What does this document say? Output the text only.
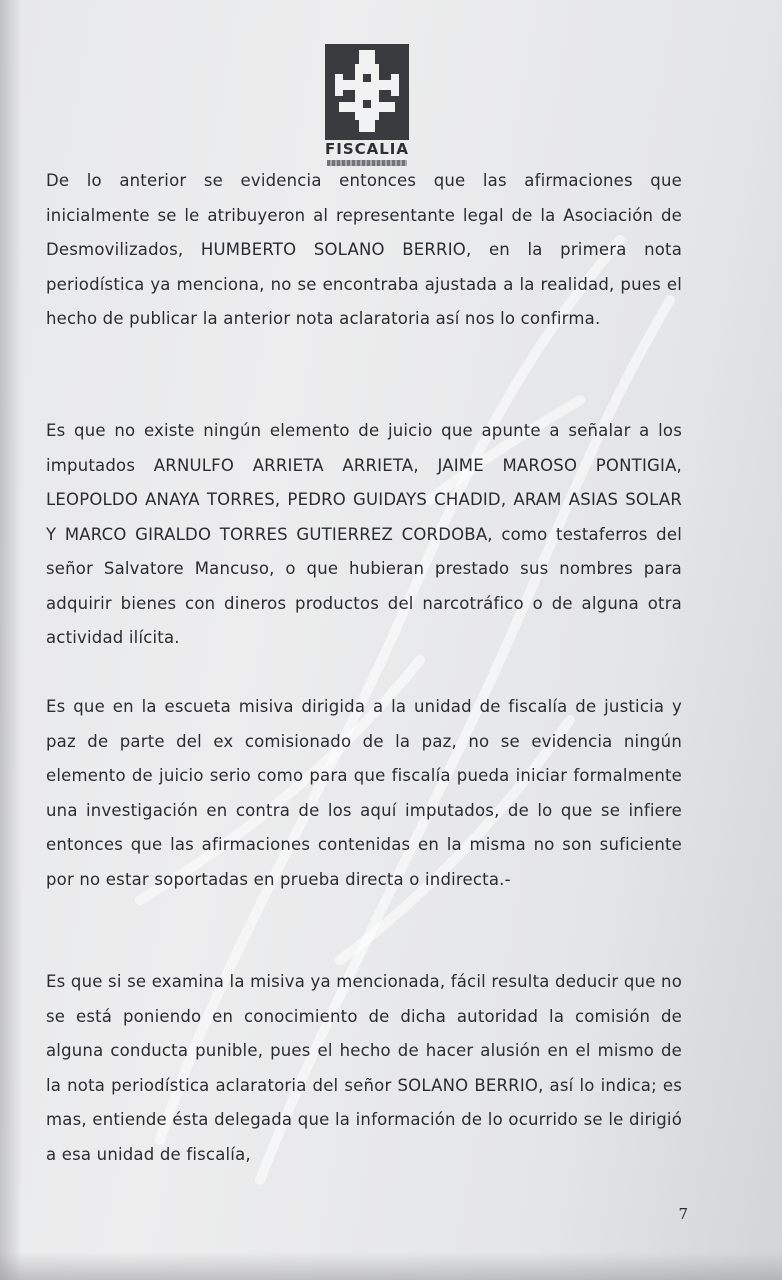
FISCALIA

De lo anterior se evidencia entonces que las afirmaciones que inicialmente se le atribuyeron al representante legal de la Asociación de Desmovilizados, HUMBERTO SOLANO BERRIO, en la primera nota periodística ya menciona, no se encontraba ajustada a la realidad, pues el hecho de publicar la anterior nota aclaratoria así nos lo confirma.

Es que no existe ningún elemento de juicio que apunte a señalar a los imputados ARNULFO ARRIETA ARRIETA, JAIME MAROSO PONTIGIA, LEOPOLDO ANAYA TORRES, PEDRO GUIDAYS CHADID, ARAM ASIAS SOLAR Y MARCO GIRALDO TORRES GUTIERREZ CORDOBA, como testaferros del señor Salvatore Mancuso, o que hubieran prestado sus nombres para adquirir bienes con dineros productos del narcotráfico o de alguna otra actividad ilícita.

Es que en la escueta misiva dirigida a la unidad de fiscalía de justicia y paz de parte del ex comisionado de la paz, no se evidencia ningún elemento de juicio serio como para que fiscalía pueda iniciar formalmente una investigación en contra de los aquí imputados, de lo que se infiere entonces que las afirmaciones contenidas en la misma no son suficiente por no estar soportadas en prueba directa o indirecta.-

Es que si se examina la misiva ya mencionada, fácil resulta deducir que no se está poniendo en conocimiento de dicha autoridad la comisión de alguna conducta punible, pues el hecho de hacer alusión en el mismo de la nota periodística aclaratoria del señor SOLANO BERRIO, así lo indica; es mas, entiende ésta delegada que la información de lo ocurrido se le dirigió a esa unidad de fiscalía,

7
